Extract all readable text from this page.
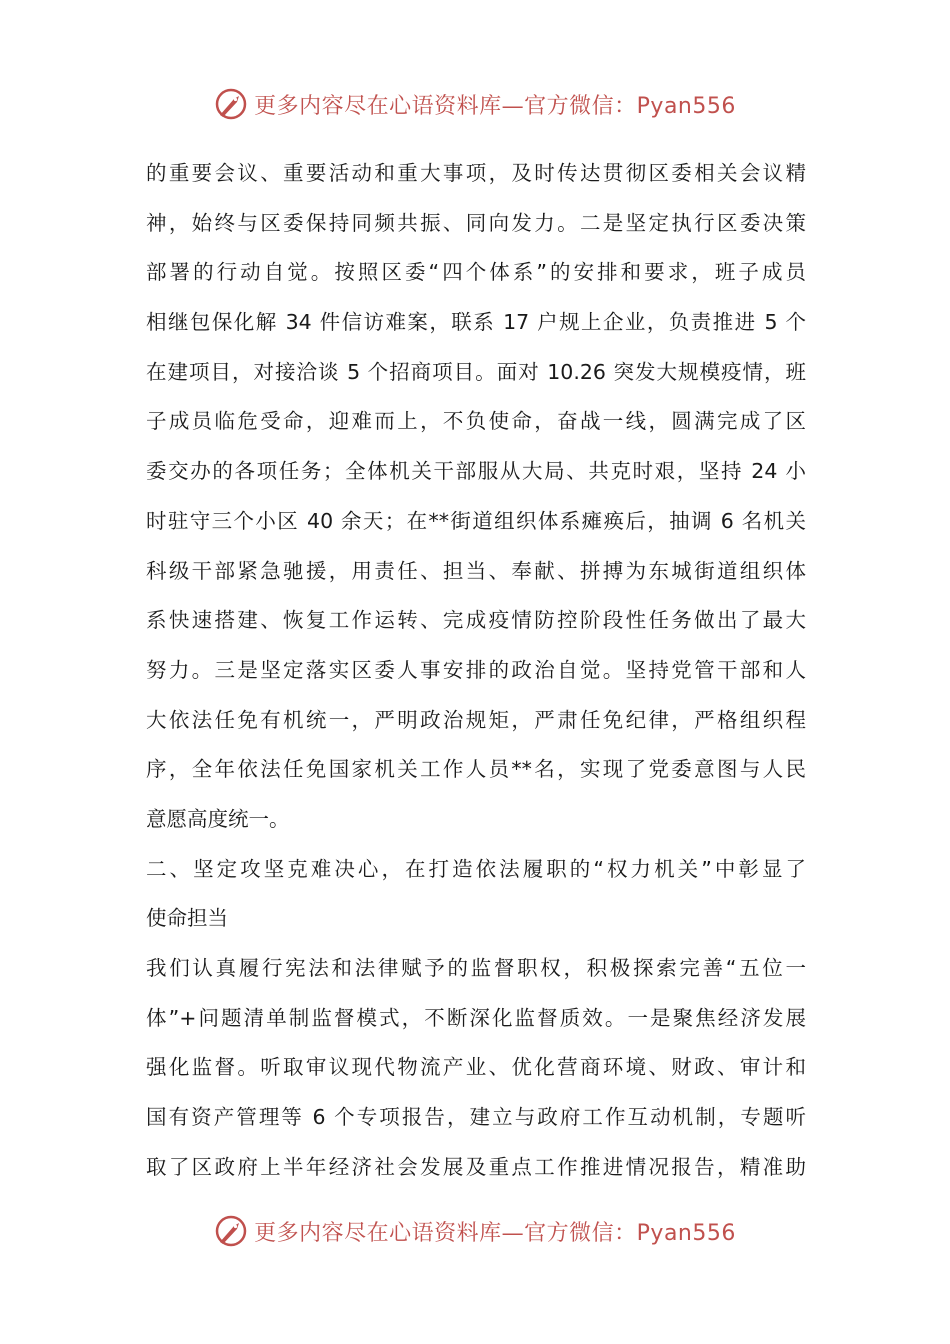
更多内容尽在心语资料库—官方微信：Pyan556
的重要会议、重要活动和重大事项，及时传达贯彻区委相关会议精
神，始终与区委保持同频共振、同向发力。二是坚定执行区委决策
部署的行动自觉。按照区委“四个体系”的安排和要求，班子成员
相继包保化解 34 件信访难案，联系 17 户规上企业，负责推进 5 个
在建项目，对接洽谈 5 个招商项目。面对 10.26 突发大规模疫情，班
子成员临危受命，迎难而上，不负使命，奋战一线，圆满完成了区
委交办的各项任务；全体机关干部服从大局、共克时艰，坚持 24 小
时驻守三个小区 40 余天；在**街道组织体系瘫痪后，抽调 6 名机关
科级干部紧急驰援，用责任、担当、奉献、拼搏为东城街道组织体
系快速搭建、恢复工作运转、完成疫情防控阶段性任务做出了最大
努力。三是坚定落实区委人事安排的政治自觉。坚持党管干部和人
大依法任免有机统一，严明政治规矩，严肃任免纪律，严格组织程
序，全年依法任免国家机关工作人员**名，实现了党委意图与人民
意愿高度统一。
二、坚定攻坚克难决心，在打造依法履职的“权力机关”中彰显了
使命担当
我们认真履行宪法和法律赋予的监督职权，积极探索完善“五位一
体”+问题清单制监督模式，不断深化监督质效。一是聚焦经济发展
强化监督。听取审议现代物流产业、优化营商环境、财政、审计和
国有资产管理等 6 个专项报告，建立与政府工作互动机制，专题听
取了区政府上半年经济社会发展及重点工作推进情况报告，精准助
更多内容尽在心语资料库—官方微信：Pyan556
